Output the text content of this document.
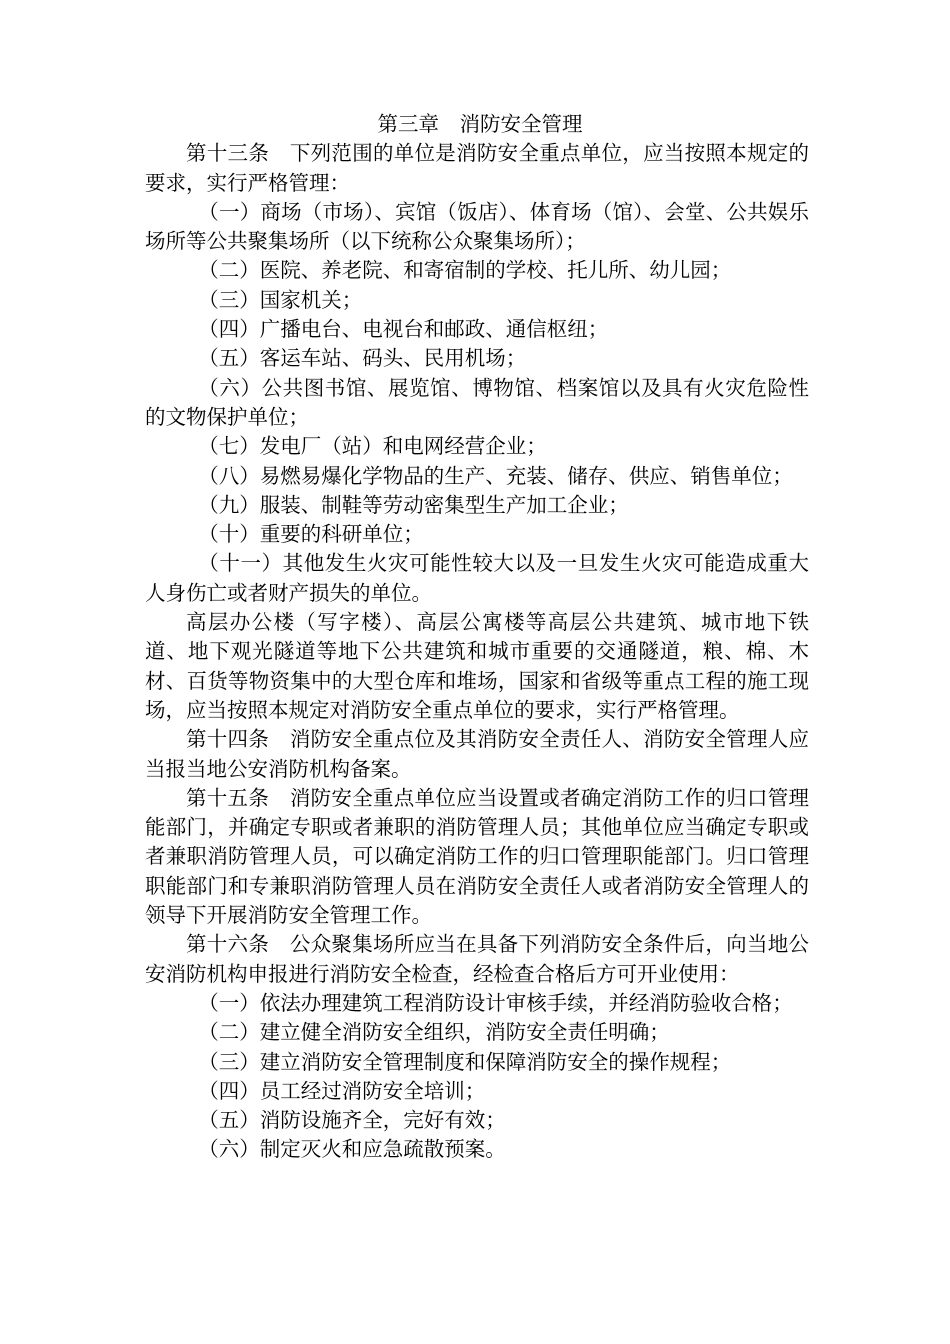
第三章　消防安全管理

第十三条　下列范围的单位是消防安全重点单位，应当按照本规定的要求，实行严格管理：

（一）商场（市场）、宾馆（饭店）、体育场（馆）、会堂、公共娱乐场所等公共聚集场所（以下统称公众聚集场所）；

（二）医院、养老院、和寄宿制的学校、托儿所、幼儿园；

（三）国家机关；

（四）广播电台、电视台和邮政、通信枢纽；

（五）客运车站、码头、民用机场；

（六）公共图书馆、展览馆、博物馆、档案馆以及具有火灾危险性的文物保护单位；

（七）发电厂（站）和电网经营企业；

（八）易燃易爆化学物品的生产、充装、储存、供应、销售单位；

（九）服装、制鞋等劳动密集型生产加工企业；

（十）重要的科研单位；

（十一）其他发生火灾可能性较大以及一旦发生火灾可能造成重大人身伤亡或者财产损失的单位。

高层办公楼（写字楼）、高层公寓楼等高层公共建筑、城市地下铁道、地下观光隧道等地下公共建筑和城市重要的交通隧道，粮、棉、木材、百货等物资集中的大型仓库和堆场，国家和省级等重点工程的施工现场，应当按照本规定对消防安全重点单位的要求，实行严格管理。

第十四条　消防安全重点位及其消防安全责任人、消防安全管理人应当报当地公安消防机构备案。

第十五条　消防安全重点单位应当设置或者确定消防工作的归口管理能部门，并确定专职或者兼职的消防管理人员；其他单位应当确定专职或者兼职消防管理人员，可以确定消防工作的归口管理职能部门。归口管理职能部门和专兼职消防管理人员在消防安全责任人或者消防安全管理人的领导下开展消防安全管理工作。

第十六条　公众聚集场所应当在具备下列消防安全条件后，向当地公安消防机构申报进行消防安全检查，经检查合格后方可开业使用：

（一）依法办理建筑工程消防设计审核手续，并经消防验收合格；

（二）建立健全消防安全组织，消防安全责任明确；

（三）建立消防安全管理制度和保障消防安全的操作规程；

（四）员工经过消防安全培训；

（五）消防设施齐全，完好有效；

（六）制定灭火和应急疏散预案。
